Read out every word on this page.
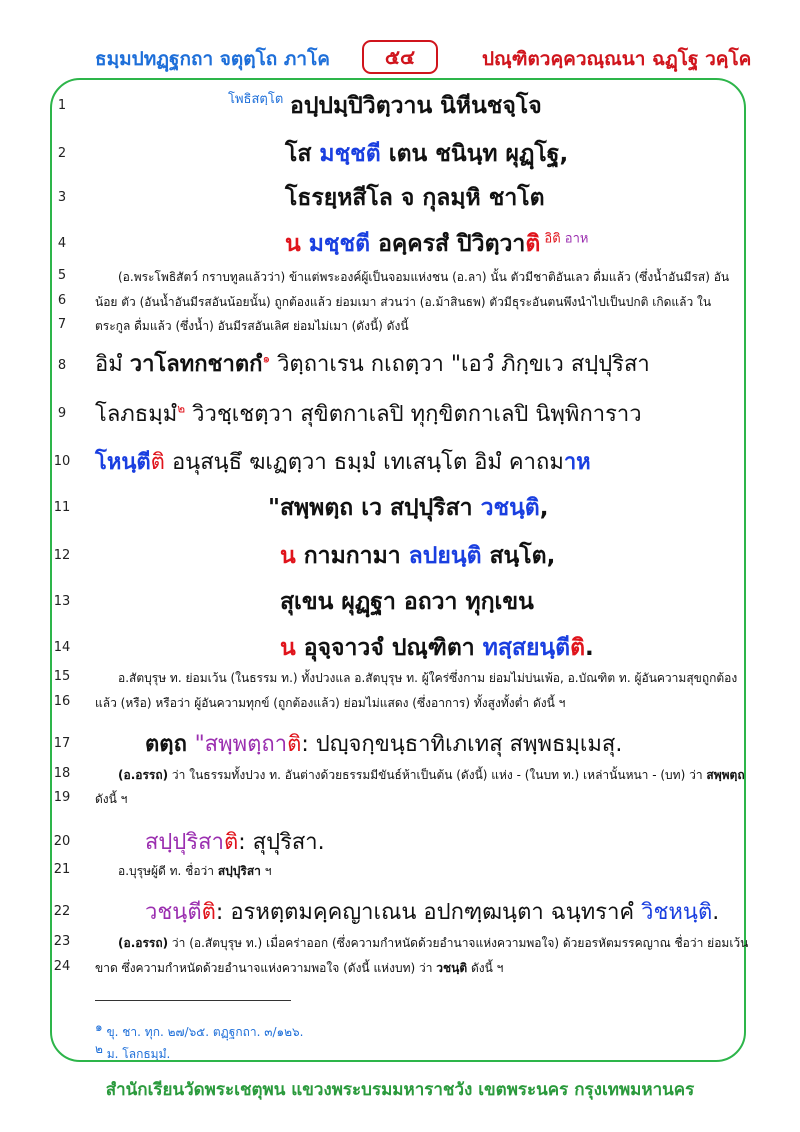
ธมฺมปทฏฺฐกถา จตุตฺโถ ภาโค	๕๔	ปณฺฑิตวคฺควณฺณนา ฉฏฺโฐ วคฺโค
1	โพธิสตฺโต อปฺปมฺปิวิตฺวาน นิหีนชจฺโจ
2	โส มชฺชตี เตน ชนินฺท ผุฏฺโฐ,
3	โธรยฺหสีโล จ กุลมฺหิ ชาโต
4	น มชฺชตี อคฺครสํ ปิวิตฺวาติ $^{อิติ}$ $^{อาห}$
5	(อ.พระโพธิสัตว์ กราบทูลแล้วว่า) ข้าแต่พระองค์ผู้เป็นจอมแห่งชน (อ.ลา) นั้น ตัวมีชาติอันเลว ดื่มแล้ว (ซึ่งน้ำอันมีรส) อัน
6	น้อย ตัว (อันน้ำอันมีรสอันน้อยนั้น) ถูกต้องแล้ว ย่อมเมา ส่วนว่า (อ.ม้าสินธพ) ตัวมีธุระอันตนพึงนำไปเป็นปกติ เกิดแล้ว ใน
7	ตระกูล ดื่มแล้ว (ซึ่งน้ำ) อันมีรสอันเลิศ ย่อมไม่เมา (ดังนี้) ดังนี้
8	อิมํ วาโลทกชาตกํ$^๑$ วิตฺถาเรน กเถตฺวา "เอวํ ภิกฺขเว สปฺปุริสา
9	โลภธมฺมํ$^๒$ วิวชฺเชตฺวา สุขิตกาเลปิ ทุกฺขิตกาเลปิ นิพฺพิการาว
10 โหนฺตีติ อนุสนฺธึ ฆเฏตฺวา ธมฺมํ เทเสนฺโต อิมํ คาถมาห
11	"สพฺพตฺถ เว สปฺปุริสา วชนฺติ,
12	น กามกามา ลปยนฺติ สนฺโต,
13	สุเขน ผุฏฺฐา อถวา ทุกฺเขน
14	น อุจฺจาวจํ ปณฺฑิตา ทสฺสยนฺตีติ.
15	อ.สัตบุรุษ ท. ย่อมเว้น (ในธรรม ท.) ทั้งปวงแล อ.สัตบุรุษ ท. ผู้ใคร่ซึ่งกาม ย่อมไม่บ่นเพ้อ, อ.บัณฑิต ท. ผู้อันความสุขถูกต้อง
16	แล้ว (หรือ) หรือว่า ผู้อันความทุกข์ (ถูกต้องแล้ว) ย่อมไม่แสดง (ซึ่งอาการ) ทั้งสูงทั้งต่ำ ดังนี้ ฯ
17	ตตฺถ "สพฺพตฺถาติ: ปญฺจกฺขนฺธาทิเภเทสุ สพฺพธมฺเมสุ.
18	(อ.อรรถ) ว่า ในธรรมทั้งปวง ท. อันต่างด้วยธรรมมีขันธ์ห้าเป็นต้น (ดังนี้) แห่ง - (ในบท ท.) เหล่านั้นหนา - (บท) ว่า สพฺพตฺถ
19	ดังนี้ ฯ
20	สปฺปุริสาติ: สุปุริสา.
21	อ.บุรุษผู้ดี ท. ชื่อว่า สปฺปุริสา ฯ
22	วชนฺตีติ: อรหตฺตมคฺคญาเณน อปกฑฺฒนฺตา ฉนฺทราคํ วิชหนฺติ.
23	(อ.อรรถ) ว่า (อ.สัตบุรุษ ท.) เมื่อคร่าออก (ซึ่งความกำหนัดด้วยอำนาจแห่งความพอใจ) ด้วยอรหัตมรรคญาณ ชื่อว่า ย่อมเว้น
24	ขาด ซึ่งความกำหนัดด้วยอำนาจแห่งความพอใจ (ดังนี้ แห่งบท) ว่า วชนฺติ ดังนี้ ฯ
๑ ขุ. ชา. ทุก. ๒๗/๖๕. ตฏฺฐกถา. ๓/๑๒๖.
๒ ม. โลกธมฺมํ.
สำนักเรียนวัดพระเชตุพน แขวงพระบรมมหาราชวัง เขตพระนคร กรุงเทพมหานคร
